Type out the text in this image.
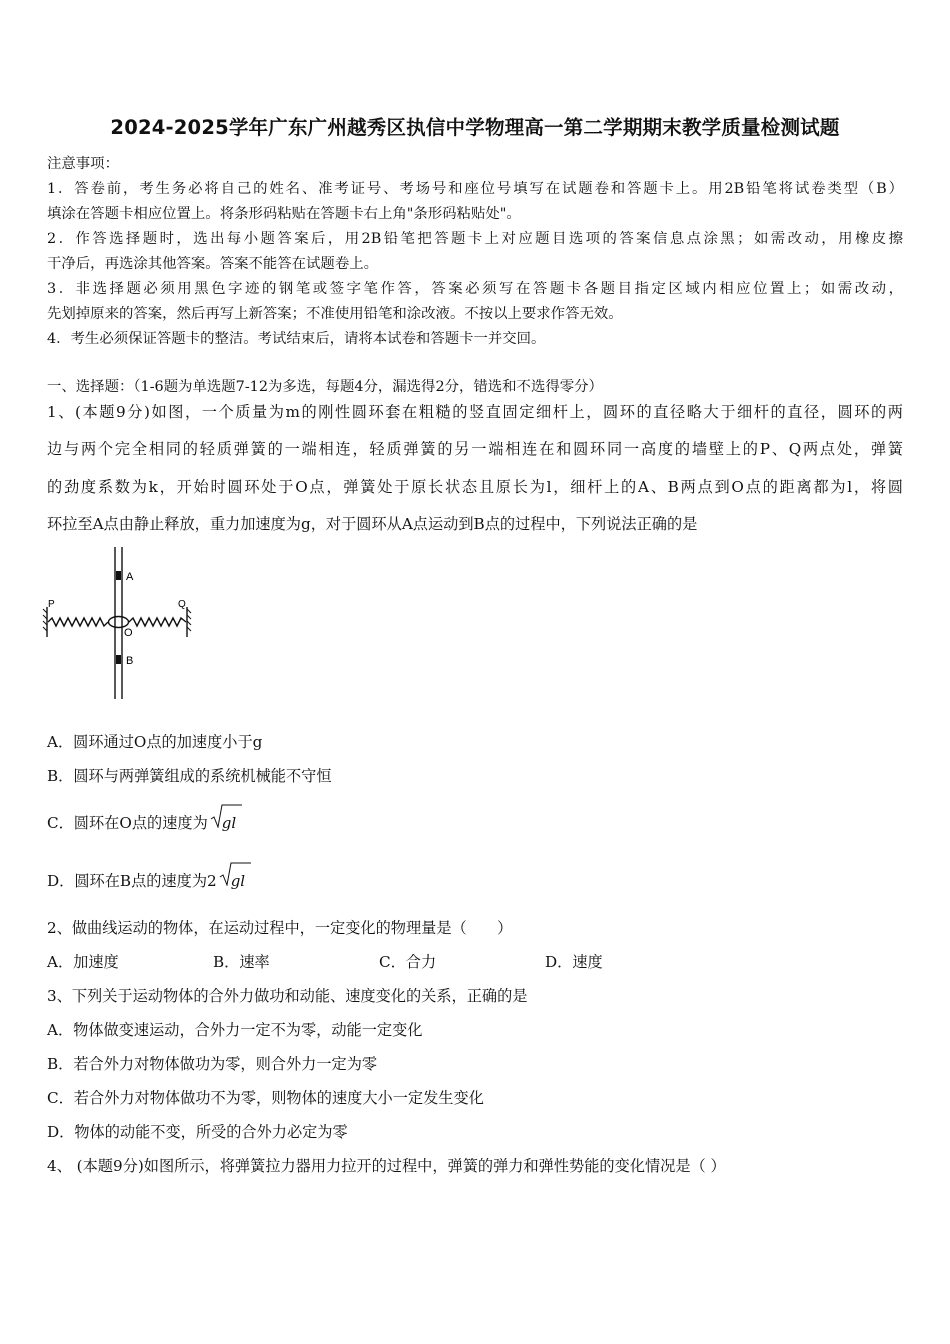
2024-2025学年广东广州越秀区执信中学物理高一第二学期期末教学质量检测试题
注意事项：
1．答卷前，考生务必将自己的姓名、准考证号、考场号和座位号填写在试题卷和答题卡上。用2B铅笔将试卷类型（B）
填涂在答题卡相应位置上。将条形码粘贴在答题卡右上角"条形码粘贴处"。
2．作答选择题时，选出每小题答案后，用2B铅笔把答题卡上对应题目选项的答案信息点涂黑；如需改动，用橡皮擦
干净后，再选涂其他答案。答案不能答在试题卷上。
3．非选择题必须用黑色字迹的钢笔或签字笔作答，答案必须写在答题卡各题目指定区域内相应位置上；如需改动，
先划掉原来的答案，然后再写上新答案；不准使用铅笔和涂改液。不按以上要求作答无效。
4．考生必须保证答题卡的整洁。考试结束后，请将本试卷和答题卡一并交回。
一、选择题：（1-6题为单选题7-12为多选，每题4分，漏选得2分，错选和不选得零分）
1、(本题9分)如图，一个质量为m的刚性圆环套在粗糙的竖直固定细杆上，圆环的直径略大于细杆的直径，圆环的两
边与两个完全相同的轻质弹簧的一端相连，轻质弹簧的另一端相连在和圆环同一高度的墙壁上的P、Q两点处，弹簧
的劲度系数为k，开始时圆环处于O点，弹簧处于原长状态且原长为l，细杆上的A、B两点到O点的距离都为l，将圆
环拉至A点由静止释放，重力加速度为g，对于圆环从A点运动到B点的过程中，下列说法正确的是
A
B
O
P	Q
A．圆环通过O点的加速度小于g
B．圆环与两弹簧组成的系统机械能不守恒
C．圆环在O点的速度为 gl
D．圆环在B点的速度为2 gl
2、做曲线运动的物体，在运动过程中，一定变化的物理量是（　　）
A．加速度	B．速率	C．合力	D．速度
3、下列关于运动物体的合外力做功和动能、速度变化的关系，正确的是
A．物体做变速运动，合外力一定不为零，动能一定变化
B．若合外力对物体做功为零，则合外力一定为零
C．若合外力对物体做功不为零，则物体的速度大小一定发生变化
D．物体的动能不变，所受的合外力必定为零
4、 (本题9分)如图所示，将弹簧拉力器用力拉开的过程中，弹簧的弹力和弹性势能的变化情况是（ ）
